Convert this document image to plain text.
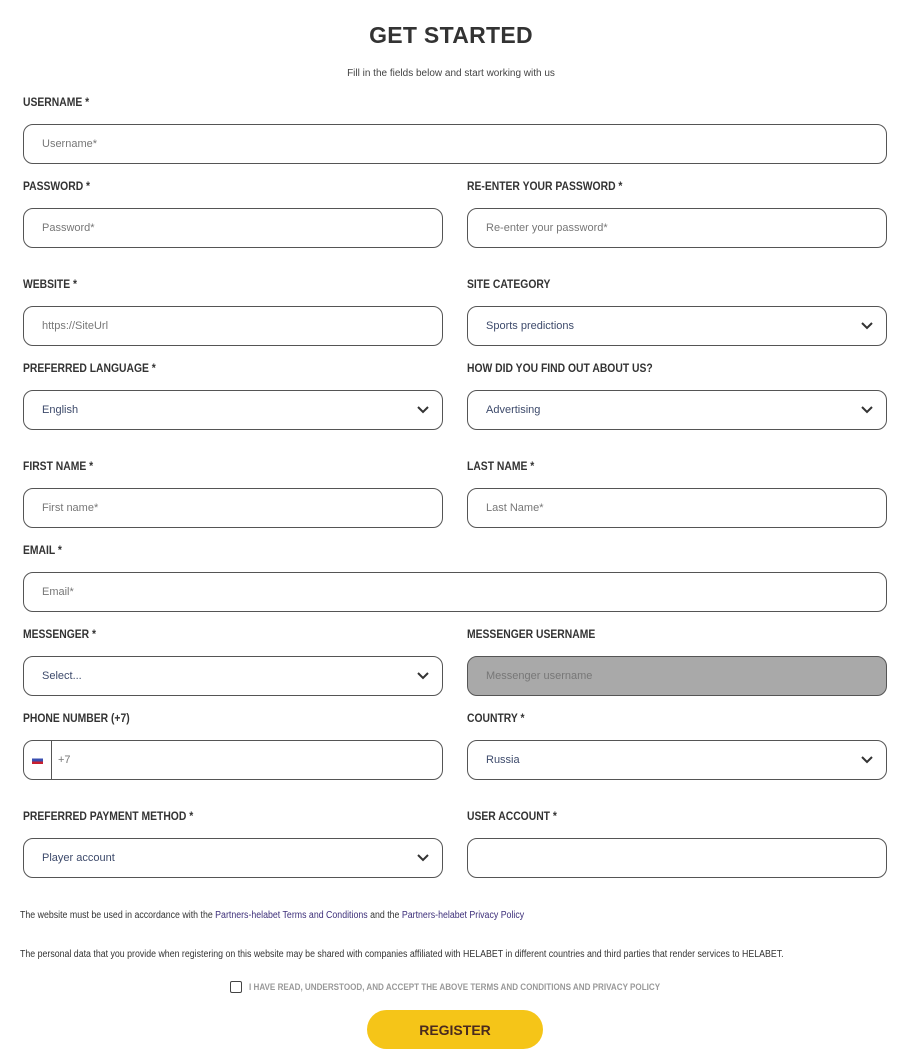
GET STARTED
Fill in the fields below and start working with us
USERNAME *
Username*
PASSWORD *
Password*
RE-ENTER YOUR PASSWORD *
Re-enter your password*
WEBSITE *
https://SiteUrl
SITE CATEGORY
Sports predictions
PREFERRED LANGUAGE *
English
HOW DID YOU FIND OUT ABOUT US?
Advertising
FIRST NAME *
First name*
LAST NAME *
Last Name*
EMAIL *
Email*
MESSENGER *
Select...
MESSENGER USERNAME
Messenger username
PHONE NUMBER (+7)
+7
COUNTRY *
Russia
PREFERRED PAYMENT METHOD *
Player account
USER ACCOUNT *
The website must be used in accordance with the Partners-helabet Terms and Conditions and the Partners-helabet Privacy Policy
The personal data that you provide when registering on this website may be shared with companies affiliated with HELABET in different countries and third parties that render services to HELABET.
I HAVE READ, UNDERSTOOD, AND ACCEPT THE ABOVE TERMS AND CONDITIONS AND PRIVACY POLICY
REGISTER
